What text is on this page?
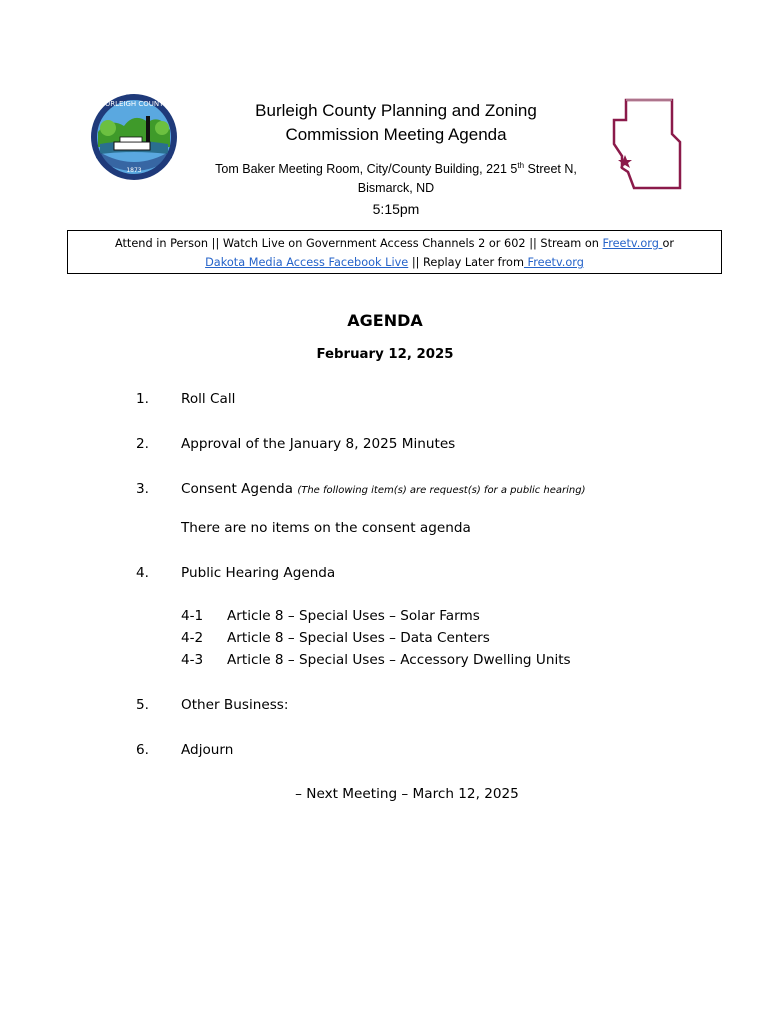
BURLEIGH COUNTY
1873
Burleigh County Planning and Zoning
Commission Meeting Agenda
Tom Baker Meeting Room, City/County Building, 221 5th Street N,
Bismarck, ND
5:15pm
Attend in Person || Watch Live on Government Access Channels 2 or 602 || Stream on Freetv.org or
Dakota Media Access Facebook Live || Replay Later from Freetv.org
AGENDA
February 12, 2025
1. Roll Call
2. Approval of the January 8, 2025 Minutes
3. Consent Agenda (The following item(s) are request(s) for a public hearing)
There are no items on the consent agenda
4. Public Hearing Agenda
4-1 Article 8 – Special Uses – Solar Farms
4-2 Article 8 – Special Uses – Data Centers
4-3 Article 8 – Special Uses – Accessory Dwelling Units
5. Other Business:
6. Adjourn
– Next Meeting – March 12, 2025
